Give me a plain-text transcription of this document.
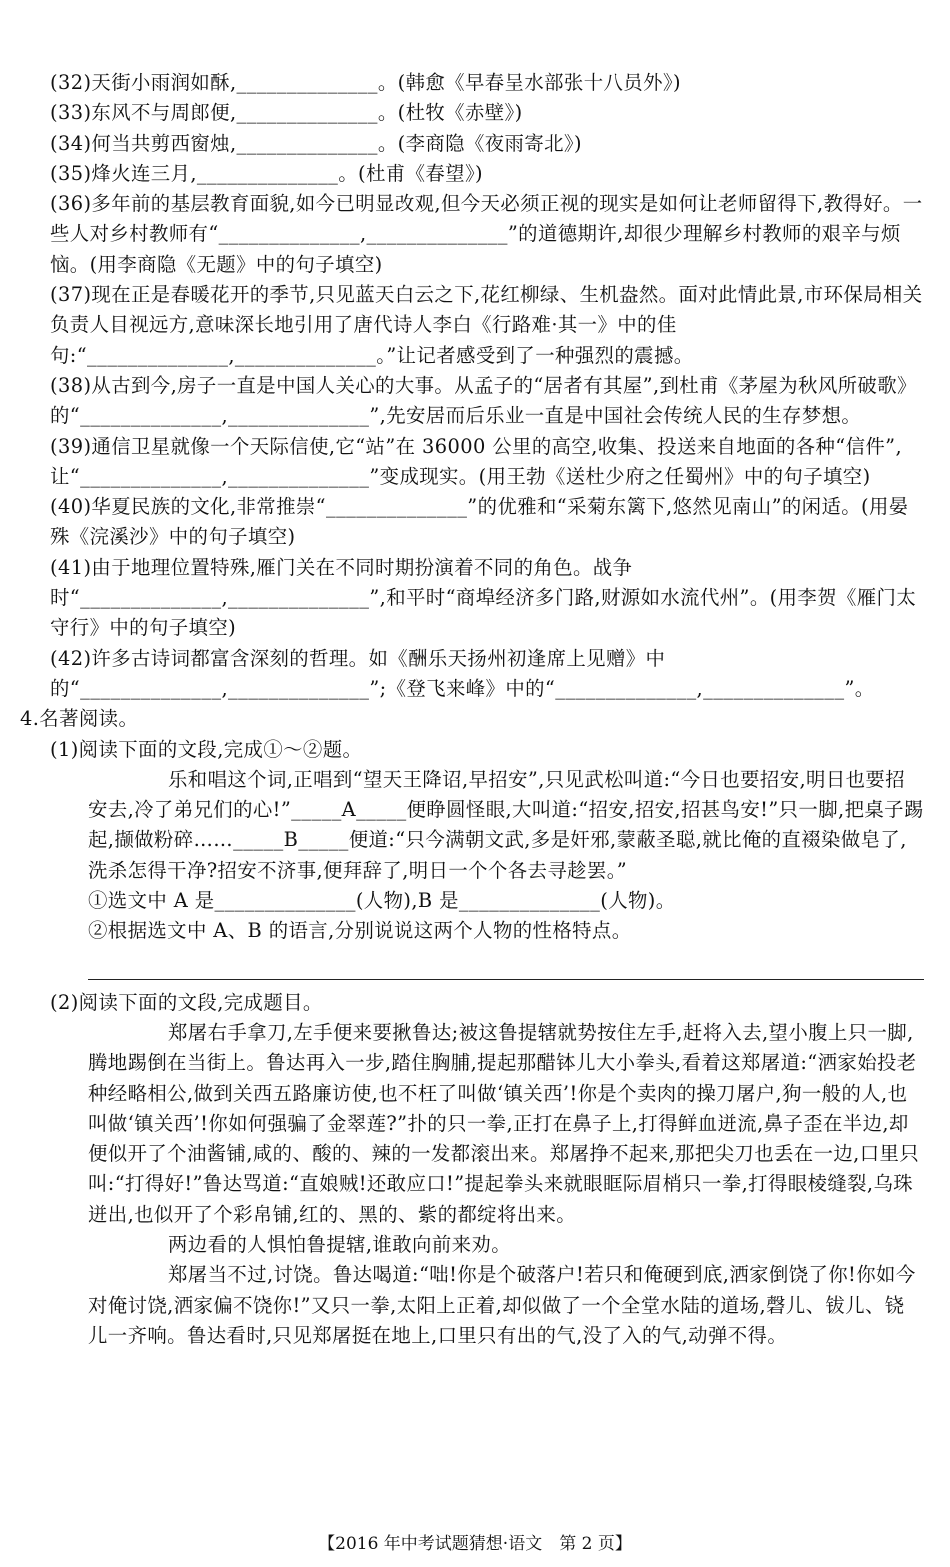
(32)天街小雨润如酥,______________。(韩愈《早春呈水部张十八员外》)

(33)东风不与周郎便,______________。(杜牧《赤壁》)

(34)何当共剪西窗烛,______________。(李商隐《夜雨寄北》)

(35)烽火连三月,______________。(杜甫《春望》)

(36)多年前的基层教育面貌,如今已明显改观,但今天必须正视的现实是如何让老师留得下,教得好。一些人对乡村教师有“______________,______________”的道德期许,却很少理解乡村教师的艰辛与烦恼。(用李商隐《无题》中的句子填空)

(37)现在正是春暖花开的季节,只见蓝天白云之下,花红柳绿、生机盎然。面对此情此景,市环保局相关负责人目视远方,意味深长地引用了唐代诗人李白《行路难·其一》中的佳句:“______________,______________。”让记者感受到了一种强烈的震撼。

(38)从古到今,房子一直是中国人关心的大事。从孟子的“居者有其屋”,到杜甫《茅屋为秋风所破歌》的“______________,______________”,先安居而后乐业一直是中国社会传统人民的生存梦想。

(39)通信卫星就像一个天际信使,它“站”在 36000 公里的高空,收集、投送来自地面的各种“信件”,让“______________,______________”变成现实。(用王勃《送杜少府之任蜀州》中的句子填空)

(40)华夏民族的文化,非常推崇“______________”的优雅和“采菊东篱下,悠然见南山”的闲适。(用晏殊《浣溪沙》中的句子填空)

(41)由于地理位置特殊,雁门关在不同时期扮演着不同的角色。战争时“______________,______________”,和平时“商埠经济多门路,财源如水流代州”。(用李贺《雁门太守行》中的句子填空)

(42)许多古诗词都富含深刻的哲理。如《酬乐天扬州初逢席上见赠》中的“______________,______________”;《登飞来峰》中的“______________,______________”。

4.名著阅读。

(1)阅读下面的文段,完成①～②题。

乐和唱这个词,正唱到“望天王降诏,早招安”,只见武松叫道:“今日也要招安,明日也要招安去,冷了弟兄们的心!”_____A_____便睁圆怪眼,大叫道:“招安,招安,招甚鸟安!”只一脚,把桌子踢起,撷做粉碎……_____B_____便道:“只今满朝文武,多是奸邪,蒙蔽圣聪,就比俺的直裰染做皂了,洗杀怎得干净?招安不济事,便拜辞了,明日一个个各去寻趁罢。”

①选文中 A 是______________(人物),B 是______________(人物)。

②根据选文中 A、B 的语言,分别说说这两个人物的性格特点。

(2)阅读下面的文段,完成题目。

郑屠右手拿刀,左手便来要揪鲁达;被这鲁提辖就势按住左手,赶将入去,望小腹上只一脚,腾地踢倒在当街上。鲁达再入一步,踏住胸脯,提起那醋钵儿大小拳头,看着这郑屠道:“洒家始投老种经略相公,做到关西五路廉访使,也不枉了叫做‘镇关西’!你是个卖肉的操刀屠户,狗一般的人,也叫做‘镇关西’!你如何强骗了金翠莲?”扑的只一拳,正打在鼻子上,打得鲜血迸流,鼻子歪在半边,却便似开了个油酱铺,咸的、酸的、辣的一发都滚出来。郑屠挣不起来,那把尖刀也丢在一边,口里只叫:“打得好!”鲁达骂道:“直娘贼!还敢应口!”提起拳头来就眼眶际眉梢只一拳,打得眼棱缝裂,乌珠迸出,也似开了个彩帛铺,红的、黑的、紫的都绽将出来。

两边看的人惧怕鲁提辖,谁敢向前来劝。

郑屠当不过,讨饶。鲁达喝道:“咄!你是个破落户!若只和俺硬到底,洒家倒饶了你!你如今对俺讨饶,洒家偏不饶你!”又只一拳,太阳上正着,却似做了一个全堂水陆的道场,磬儿、钹儿、铙儿一齐响。鲁达看时,只见郑屠挺在地上,口里只有出的气,没了入的气,动弹不得。

【2016 年中考试题猜想·语文　第 2 页】
